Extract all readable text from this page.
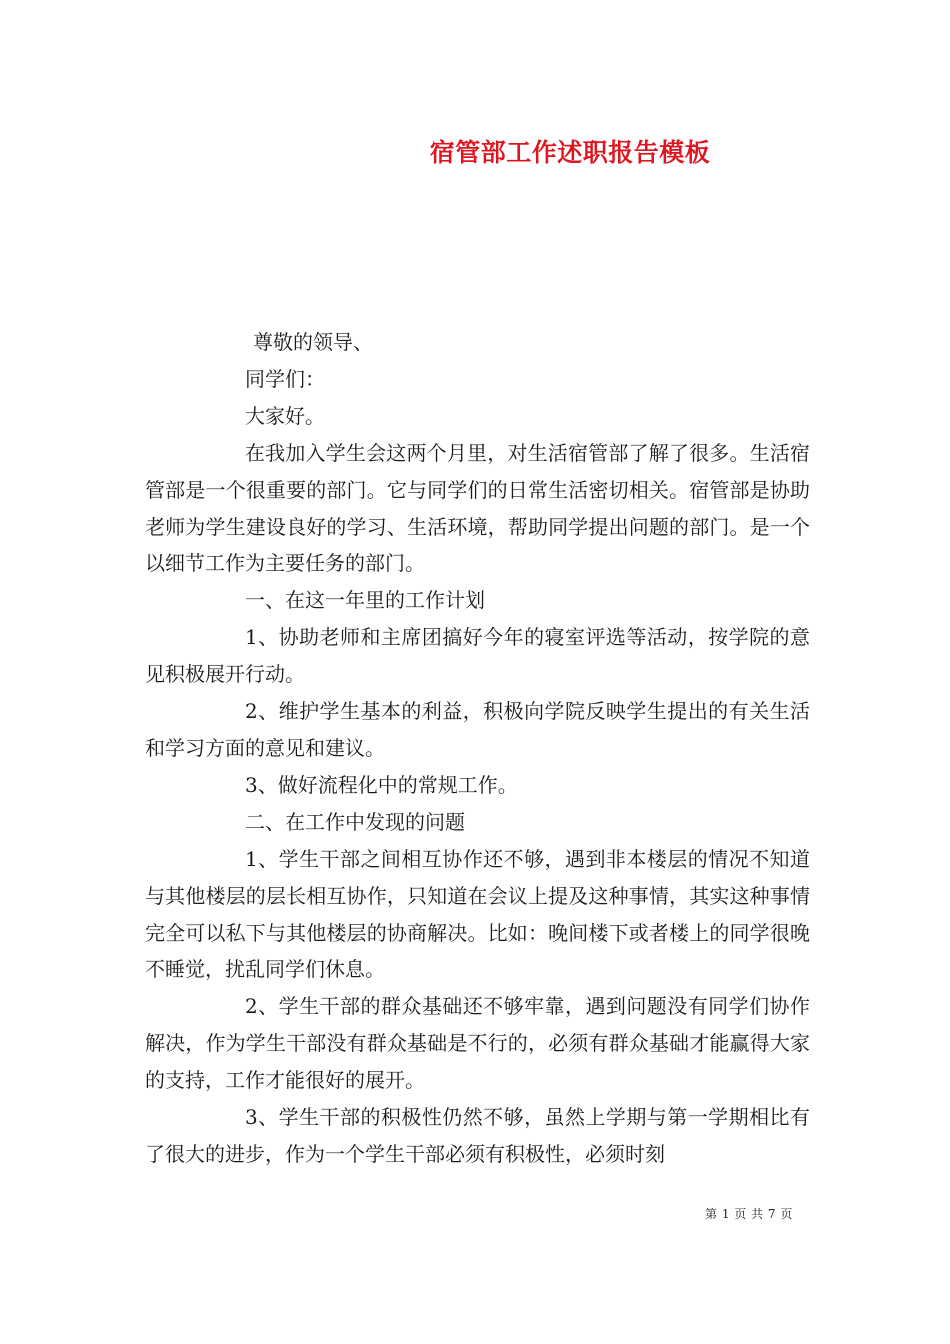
宿管部工作述职报告模板

尊敬的领导、

同学们：

大家好。

在我加入学生会这两个月里，对生活宿管部了解了很多。生活宿管部是一个很重要的部门。它与同学们的日常生活密切相关。宿管部是协助老师为学生建设良好的学习、生活环境，帮助同学提出问题的部门。是一个以细节工作为主要任务的部门。

一、在这一年里的工作计划

1、协助老师和主席团搞好今年的寝室评选等活动，按学院的意见积极展开行动。

2、维护学生基本的利益，积极向学院反映学生提出的有关生活和学习方面的意见和建议。

3、做好流程化中的常规工作。

二、在工作中发现的问题

1、学生干部之间相互协作还不够，遇到非本楼层的情况不知道与其他楼层的层长相互协作，只知道在会议上提及这种事情，其实这种事情完全可以私下与其他楼层的协商解决。比如：晚间楼下或者楼上的同学很晚不睡觉，扰乱同学们休息。

2、学生干部的群众基础还不够牢靠，遇到问题没有同学们协作解决，作为学生干部没有群众基础是不行的，必须有群众基础才能赢得大家的支持，工作才能很好的展开。

3、学生干部的积极性仍然不够，虽然上学期与第一学期相比有了很大的进步，作为一个学生干部必须有积极性，必须时刻

第 1 页 共 7 页
